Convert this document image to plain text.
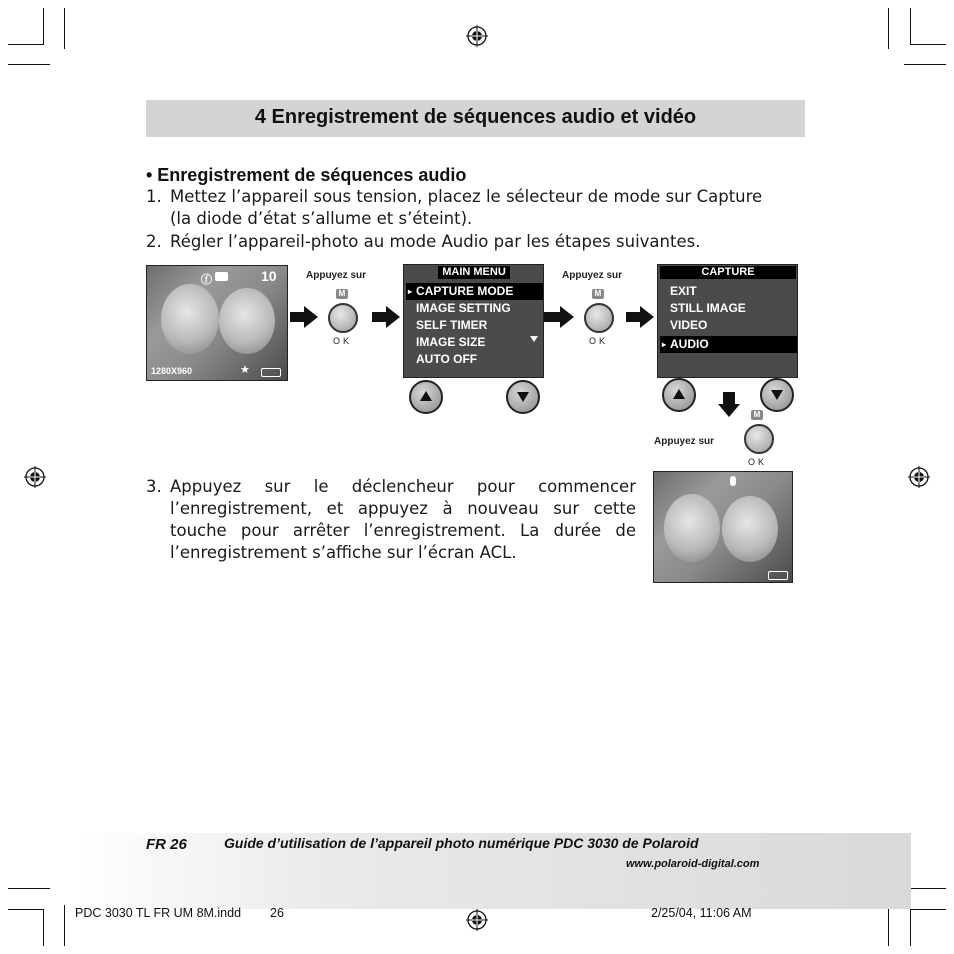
4 Enregistrement de séquences audio et vidéo
• Enregistrement de séquences audio
1. Mettez l’appareil sous tension, placez le sélecteur de mode sur Capture
(la diode d’état s’allume et s’éteint).
2. Régler l’appareil-photo au mode Audio par les étapes suivantes.
ⓕ	10
1280X960	★
Appuyez sur
M
OK
MAIN MENU
▸ CAPTURE MODE
IMAGE SETTING
SELF TIMER
IMAGE SIZE
AUTO OFF
Appuyez sur
M
OK
CAPTURE
EXIT
STILL IMAGE
VIDEO
▸ AUDIO
Appuyez sur
M
OK
3. Appuyez sur le déclencheur pour commencer l’enregistrement, et appuyez à nouveau sur cette touche pour arrêter l’enregistrement. La durée de l’enregistrement s’affiche sur l’écran ACL.
FR 26	Guide d’utilisation de l’appareil photo numérique PDC 3030 de Polaroid
www.polaroid-digital.com
PDC 3030 TL FR UM 8M.indd 26	2/25/04, 11:06 AM
